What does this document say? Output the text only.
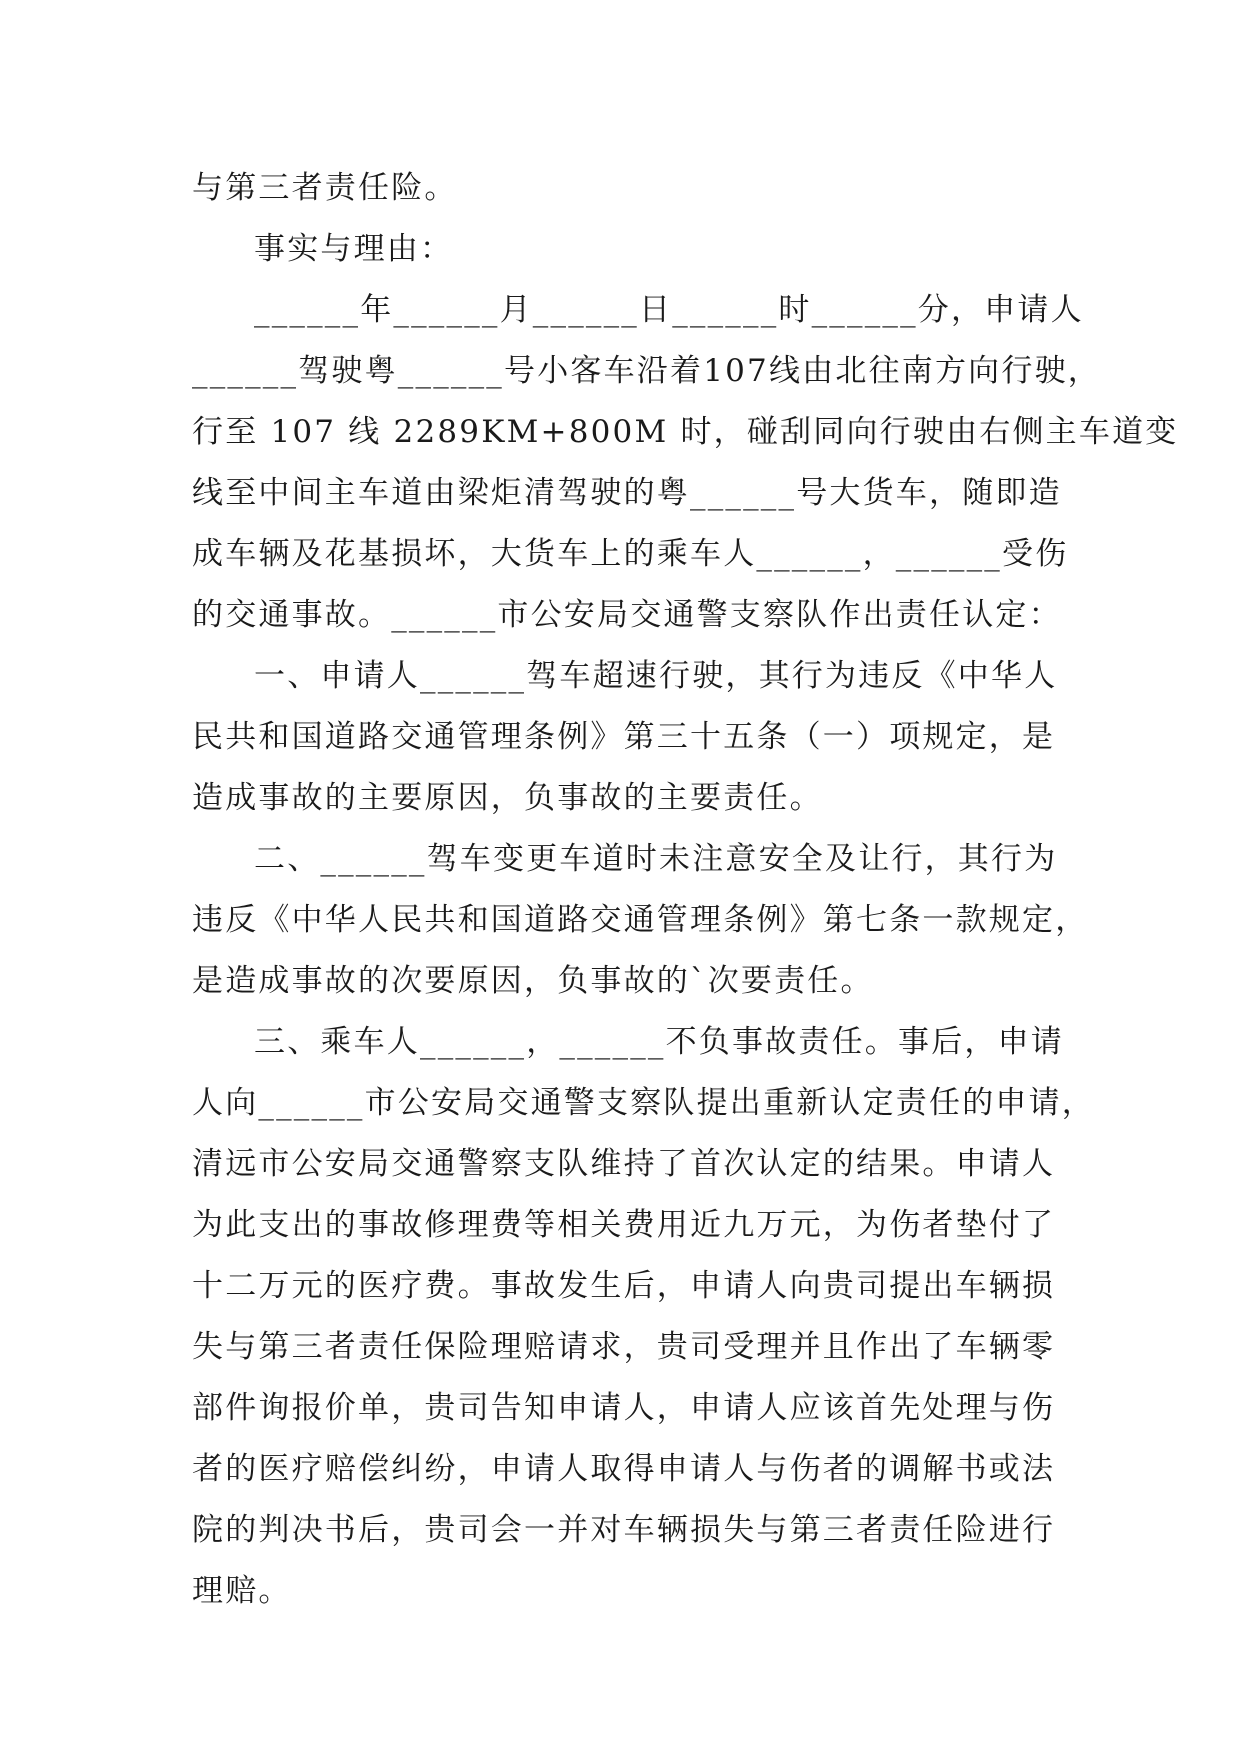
与第三者责任险。
事实与理由：
______年______月______日______时______分，申请人
______驾驶粤______号小客车沿着107线由北往南方向行驶，
行至 107 线 2289KM+800M 时，碰刮同向行驶由右侧主车道变
线至中间主车道由梁炬清驾驶的粤______号大货车，随即造
成车辆及花基损坏，大货车上的乘车人______，______受伤
的交通事故。______市公安局交通警支察队作出责任认定：
一、申请人______驾车超速行驶，其行为违反《中华人
民共和国道路交通管理条例》第三十五条（一）项规定，是
造成事故的主要原因，负事故的主要责任。
二、______驾车变更车道时未注意安全及让行，其行为
违反《中华人民共和国道路交通管理条例》第七条一款规定，
是造成事故的次要原因，负事故的`次要责任。
三、乘车人______，______不负事故责任。事后，申请
人向______市公安局交通警支察队提出重新认定责任的申请，
清远市公安局交通警察支队维持了首次认定的结果。申请人
为此支出的事故修理费等相关费用近九万元，为伤者垫付了
十二万元的医疗费。事故发生后，申请人向贵司提出车辆损
失与第三者责任保险理赔请求，贵司受理并且作出了车辆零
部件询报价单，贵司告知申请人，申请人应该首先处理与伤
者的医疗赔偿纠纷，申请人取得申请人与伤者的调解书或法
院的判决书后，贵司会一并对车辆损失与第三者责任险进行
理赔。
